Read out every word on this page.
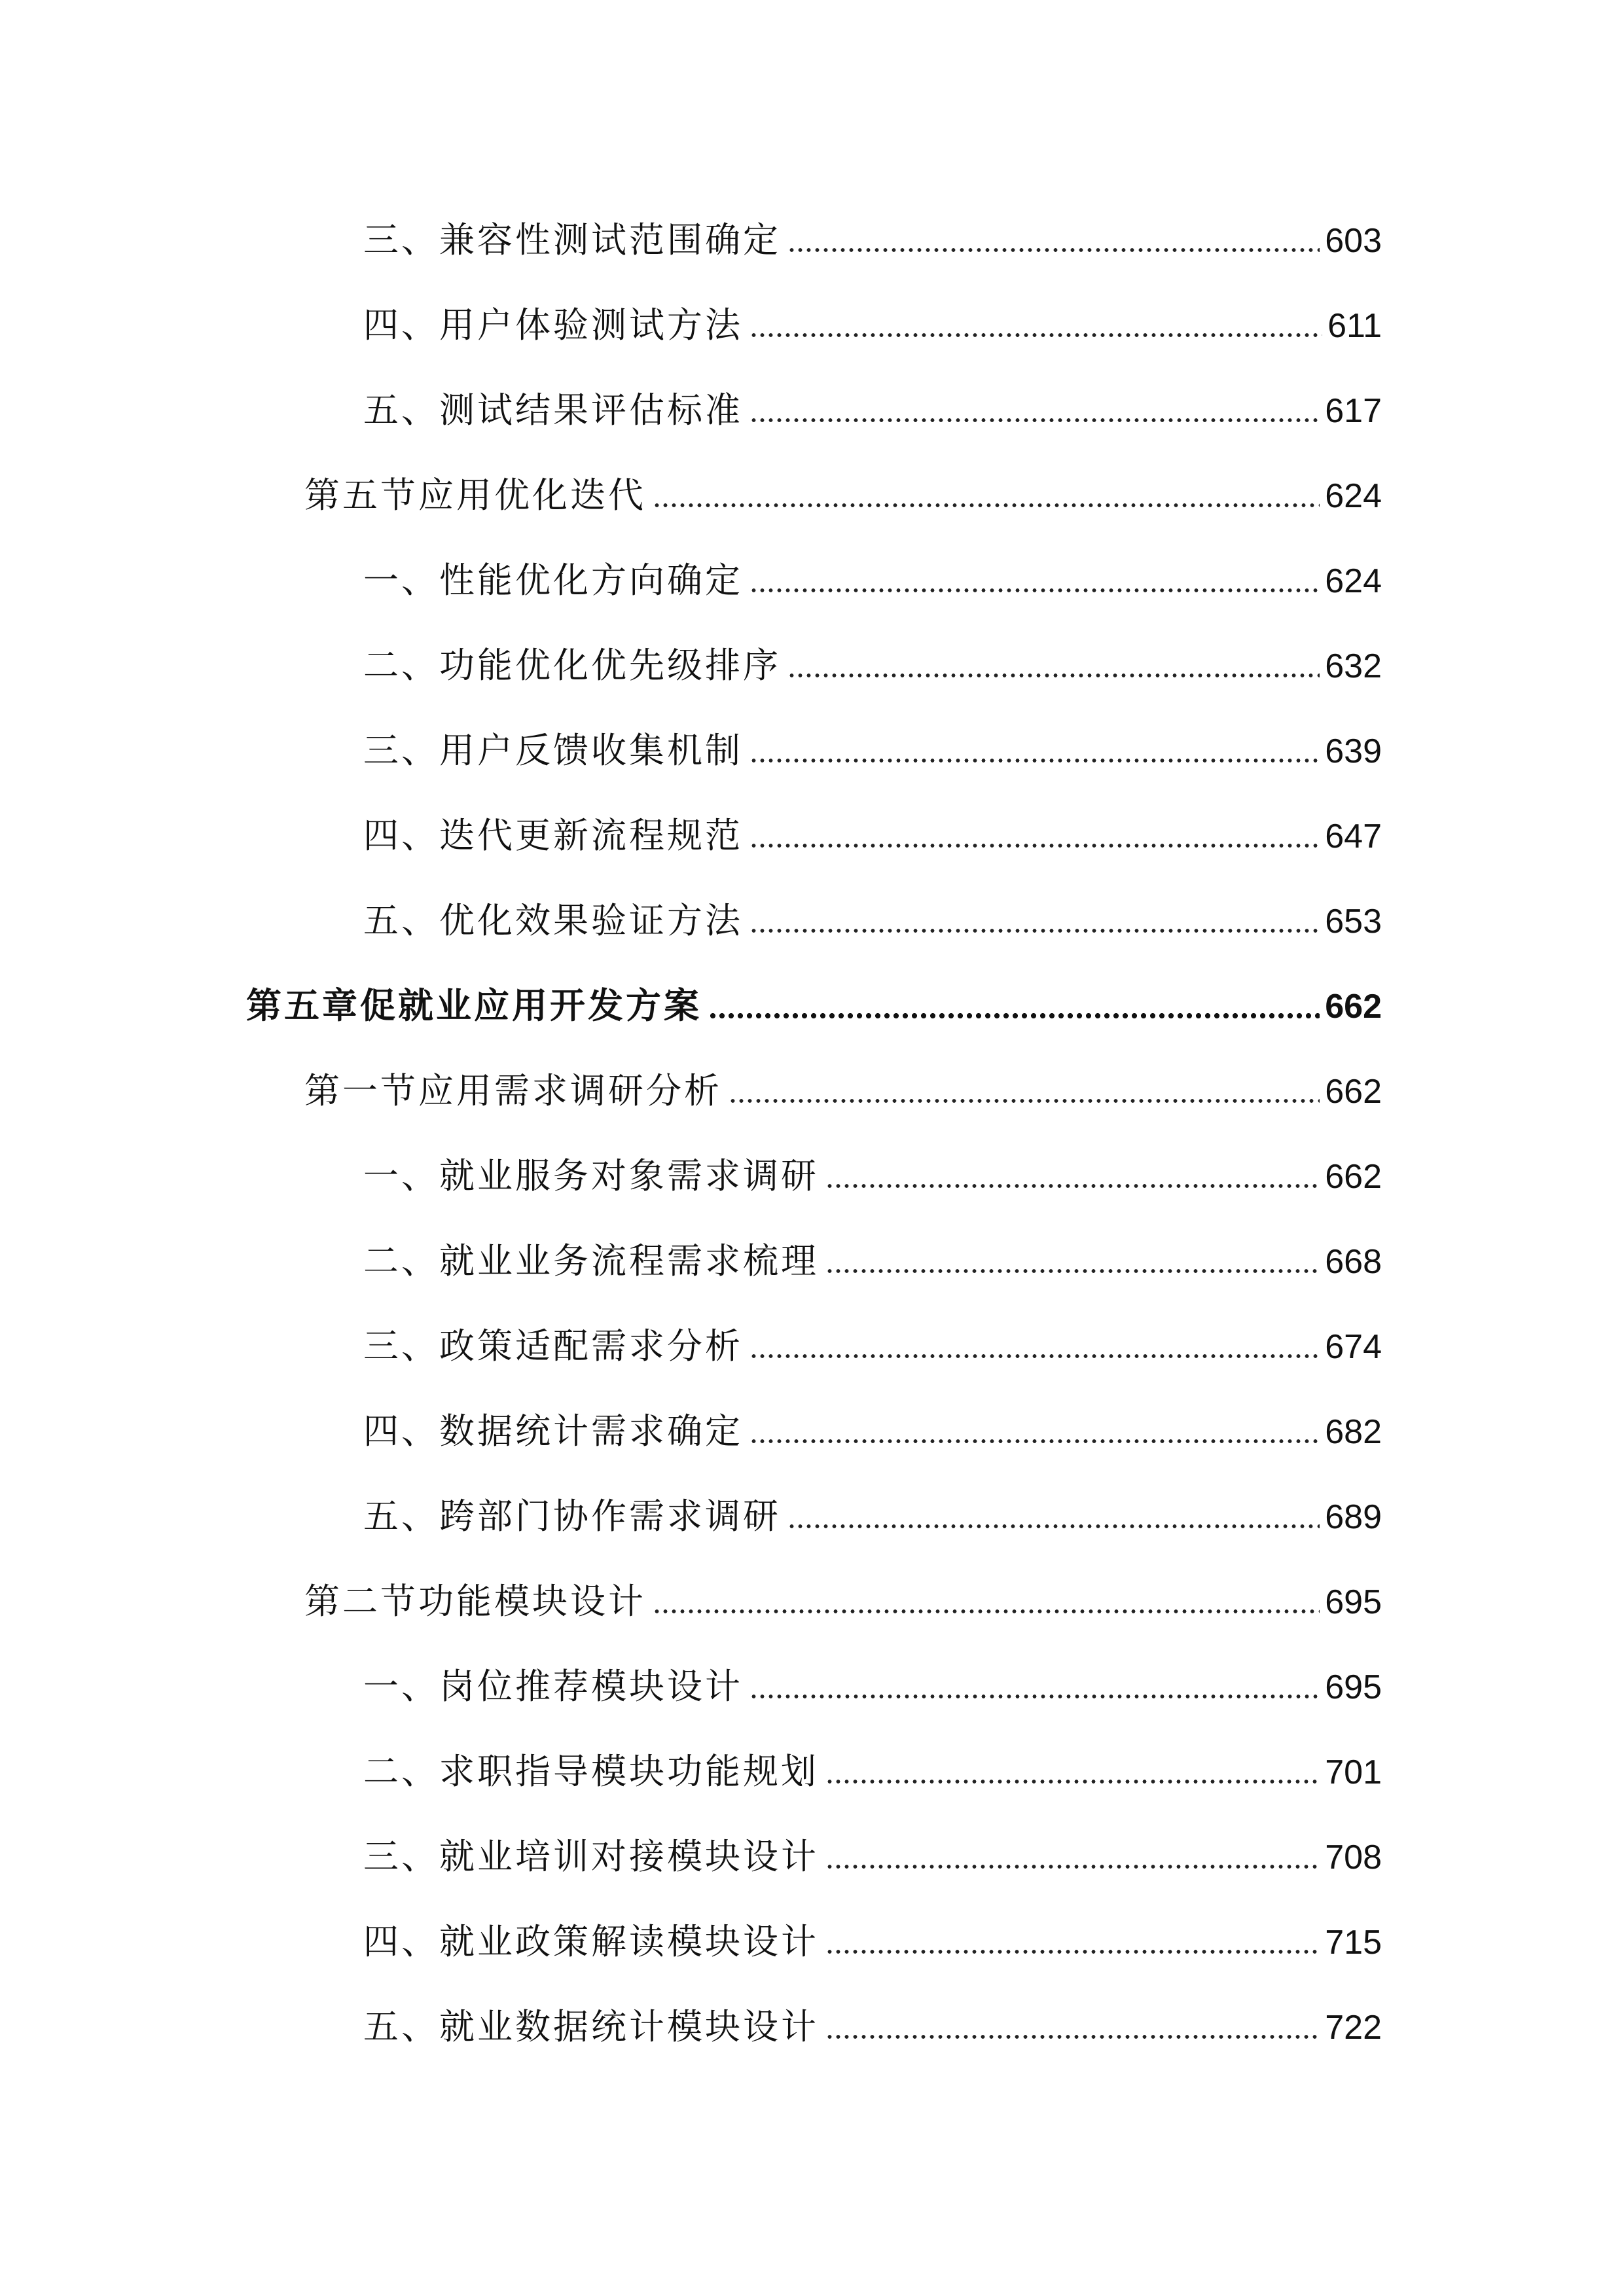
三、兼容性测试范围确定	603
四、用户体验测试方法	611
五、测试结果评估标准	617
第五节应用优化迭代	624
一、性能优化方向确定	624
二、功能优化优先级排序	632
三、用户反馈收集机制	639
四、迭代更新流程规范	647
五、优化效果验证方法	653
第五章促就业应用开发方案	662
第一节应用需求调研分析	662
一、就业服务对象需求调研	662
二、就业业务流程需求梳理	668
三、政策适配需求分析	674
四、数据统计需求确定	682
五、跨部门协作需求调研	689
第二节功能模块设计	695
一、岗位推荐模块设计	695
二、求职指导模块功能规划	701
三、就业培训对接模块设计	708
四、就业政策解读模块设计	715
五、就业数据统计模块设计	722
